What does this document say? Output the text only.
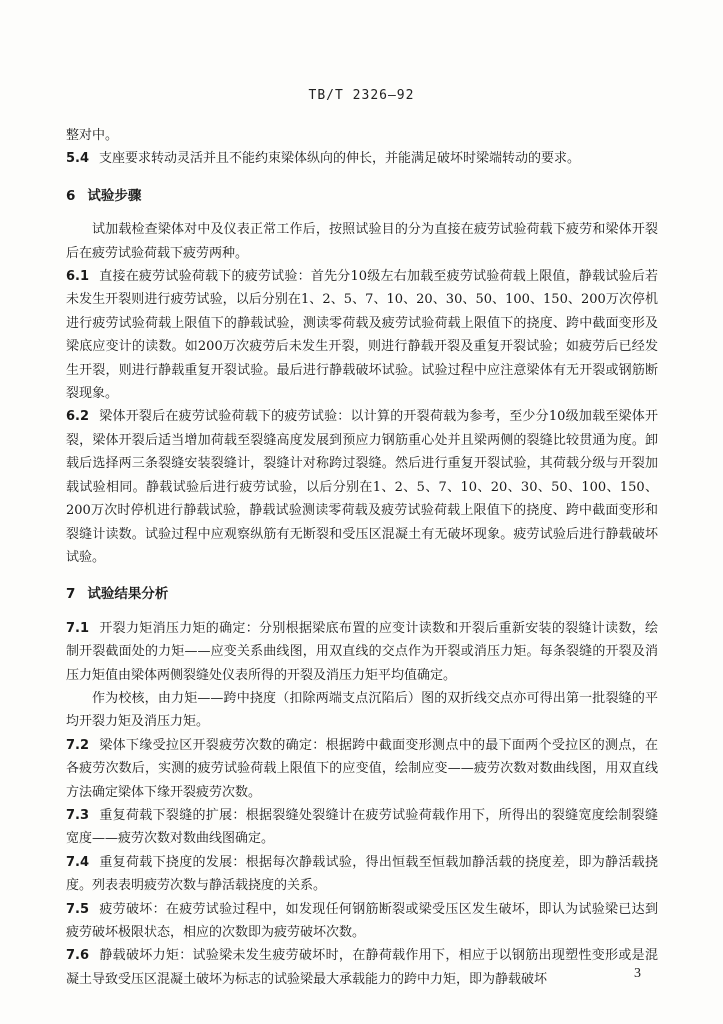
TB/T 2326—92

整对中。

5.4 支座要求转动灵活并且不能约束梁体纵向的伸长，并能满足破坏时梁端转动的要求。

6 试验步骤

试加载检查梁体对中及仪表正常工作后，按照试验目的分为直接在疲劳试验荷载下疲劳和梁体开裂后在疲劳试验荷载下疲劳两种。

6.1 直接在疲劳试验荷载下的疲劳试验：首先分10级左右加载至疲劳试验荷载上限值，静载试验后若未发生开裂则进行疲劳试验，以后分别在1、2、5、7、10、20、30、50、100、150、200万次停机进行疲劳试验荷载上限值下的静载试验，测读零荷载及疲劳试验荷载上限值下的挠度、跨中截面变形及梁底应变计的读数。如200万次疲劳后未发生开裂，则进行静载开裂及重复开裂试验；如疲劳后已经发生开裂，则进行静载重复开裂试验。最后进行静载破坏试验。试验过程中应注意梁体有无开裂或钢筋断裂现象。

6.2 梁体开裂后在疲劳试验荷载下的疲劳试验：以计算的开裂荷载为参考，至少分10级加载至梁体开裂，梁体开裂后适当增加荷载至裂缝高度发展到预应力钢筋重心处并且梁两侧的裂缝比较贯通为度。卸载后选择两三条裂缝安装裂缝计，裂缝计对称跨过裂缝。然后进行重复开裂试验，其荷载分级与开裂加载试验相同。静载试验后进行疲劳试验，以后分别在1、2、5、7、10、20、30、50、100、150、200万次时停机进行静载试验，静载试验测读零荷载及疲劳试验荷载上限值下的挠度、跨中截面变形和裂缝计读数。试验过程中应观察纵筋有无断裂和受压区混凝土有无破坏现象。疲劳试验后进行静载破坏试验。

7 试验结果分析

7.1 开裂力矩消压力矩的确定：分别根据梁底布置的应变计读数和开裂后重新安装的裂缝计读数，绘制开裂截面处的力矩——应变关系曲线图，用双直线的交点作为开裂或消压力矩。每条裂缝的开裂及消压力矩值由梁体两侧裂缝处仪表所得的开裂及消压力矩平均值确定。

作为校核，由力矩——跨中挠度（扣除两端支点沉陷后）图的双折线交点亦可得出第一批裂缝的平均开裂力矩及消压力矩。

7.2 梁体下缘受拉区开裂疲劳次数的确定：根据跨中截面变形测点中的最下面两个受拉区的测点，在各疲劳次数后，实测的疲劳试验荷载上限值下的应变值，绘制应变——疲劳次数对数曲线图，用双直线方法确定梁体下缘开裂疲劳次数。

7.3 重复荷载下裂缝的扩展：根据裂缝处裂缝计在疲劳试验荷载作用下，所得出的裂缝宽度绘制裂缝宽度——疲劳次数对数曲线图确定。

7.4 重复荷载下挠度的发展：根据每次静载试验，得出恒载至恒载加静活载的挠度差，即为静活载挠度。列表表明疲劳次数与静活载挠度的关系。

7.5 疲劳破坏：在疲劳试验过程中，如发现任何钢筋断裂或梁受压区发生破坏，即认为试验梁已达到疲劳破坏极限状态，相应的次数即为疲劳破坏次数。

7.6 静载破坏力矩：试验梁未发生疲劳破坏时，在静荷载作用下，相应于以钢筋出现塑性变形或是混凝土导致受压区混凝土破坏为标志的试验梁最大承载能力的跨中力矩，即为静载破坏	3
